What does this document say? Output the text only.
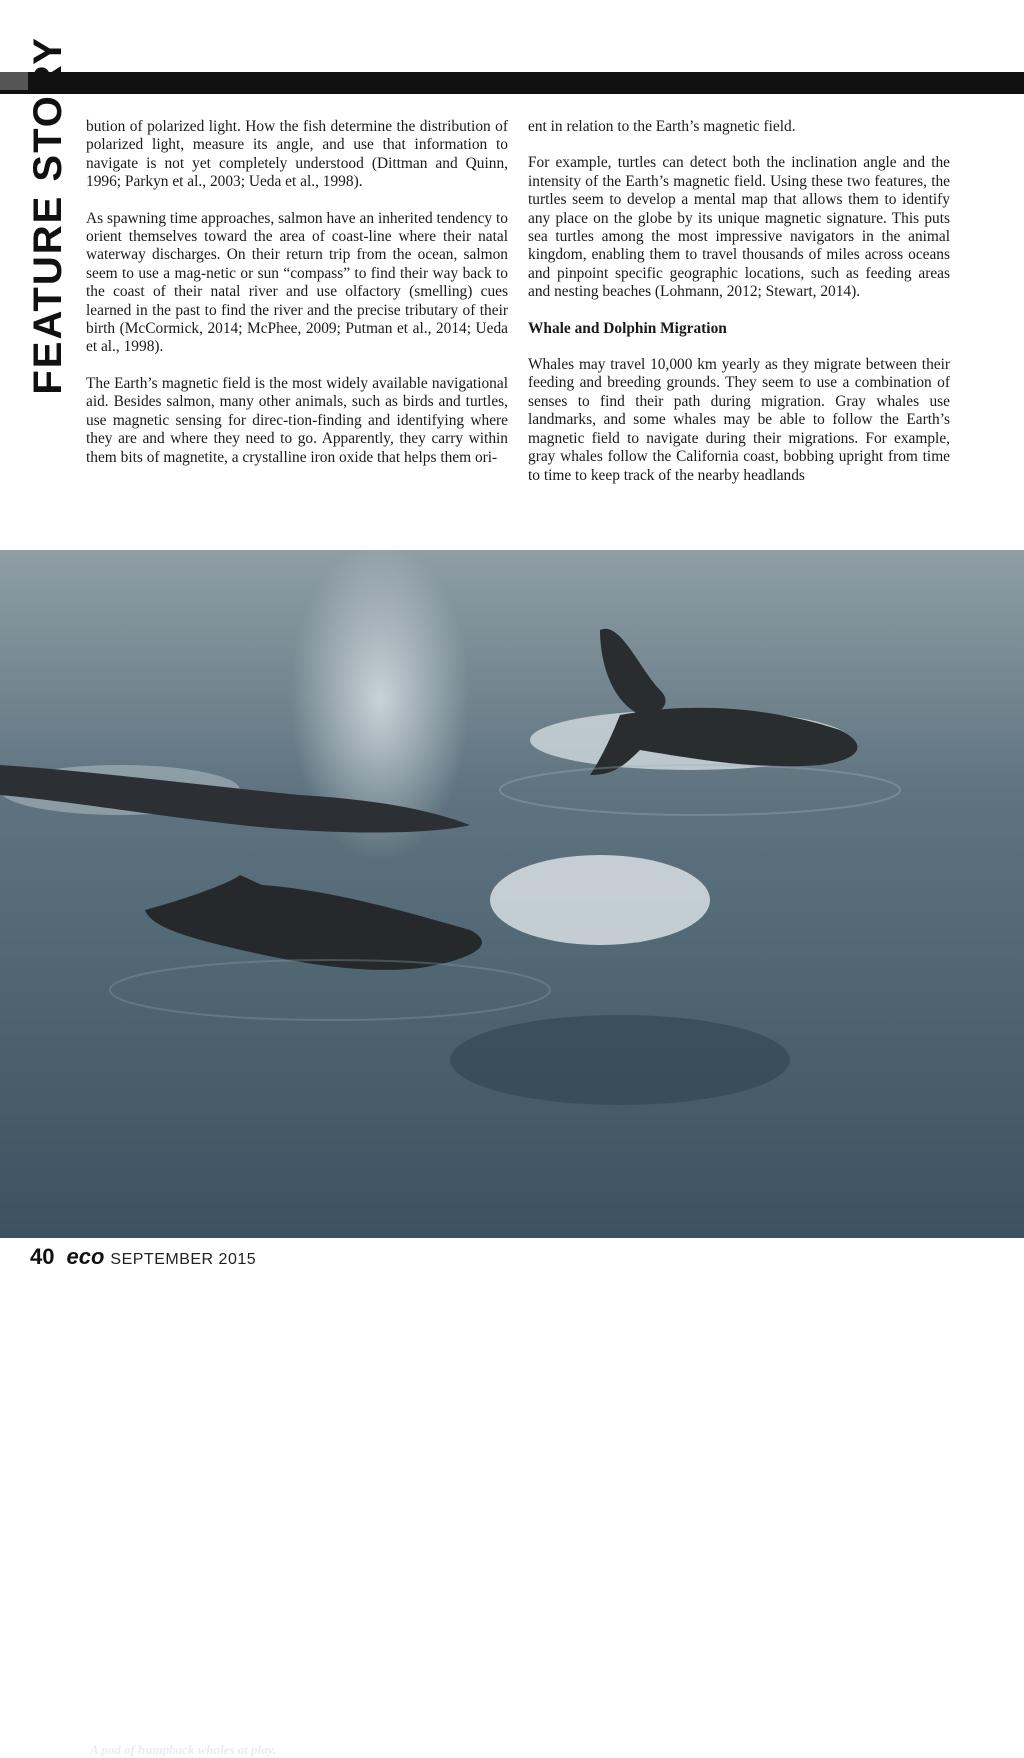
FEATURE STORY bution of polarized light. How the fish determine the distribution of polarized light, measure its angle, and use that information to navigate is not yet completely understood (Dittman and Quinn, 1996; Parkyn et al., 2003; Ueda et al., 1998).

As spawning time approaches, salmon have an inherited tendency to orient themselves toward the area of coast-line where their natal waterway discharges. On their return trip from the ocean, salmon seem to use a mag-netic or sun “compass” to find their way back to the coast of their natal river and use olfactory (smelling) cues learned in the past to find the river and the precise tributary of their birth (McCormick, 2014; McPhee, 2009; Putman et al., 2014; Ueda et al., 1998).

The Earth’s magnetic field is the most widely available navigational aid. Besides salmon, many other animals, such as birds and turtles, use magnetic sensing for direc-tion-finding and identifying where they are and where they need to go. Apparently, they carry within them bits of magnetite, a crystalline iron oxide that helps them ori-

ent in relation to the Earth’s magnetic field.

For example, turtles can detect both the inclination angle and the intensity of the Earth’s magnetic field. Using these two features, the turtles seem to develop a mental map that allows them to identify any place on the globe by its unique magnetic signature. This puts sea turtles among the most impressive navigators in the animal kingdom, enabling them to travel thousands of miles across oceans and pinpoint specific geographic locations, such as feeding areas and nesting beaches (Lohmann, 2012; Stewart, 2014).

Whale and Dolphin Migration

Whales may travel 10,000 km yearly as they migrate between their feeding and breeding grounds. They seem to use a combination of senses to find their path during migration. Gray whales use landmarks, and some whales may be able to follow the Earth’s magnetic field to navigate during their migrations. For example, gray whales follow the California coast, bobbing upright from time to time to keep track of the nearby headlands

A pod of humpback whales at play.
40 eco SEPTEMBER 2015
